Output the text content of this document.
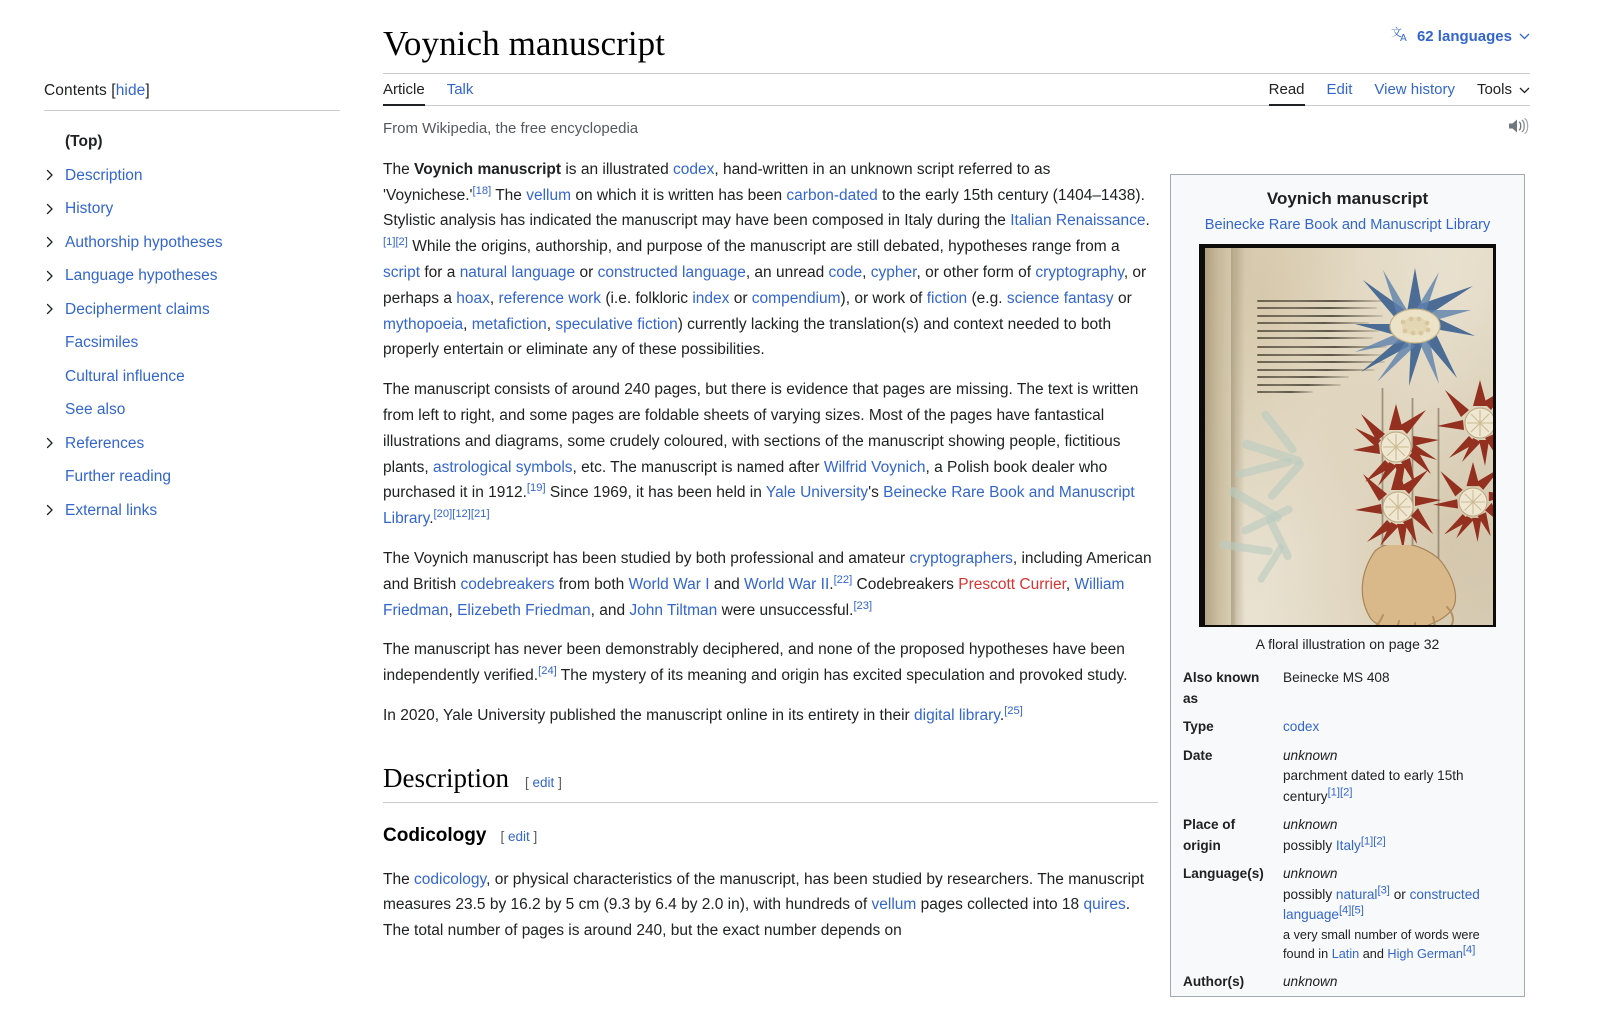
Contents [hide]
(Top)
Description
History
Authorship hypotheses
Language hypotheses
Decipherment claims
Facsimiles
Cultural influence
See also
References
Further reading
External links
Voynich manuscript	文
A 62 languages
Article Talk	Read Edit View history Tools
From Wikipedia, the free encyclopedia

The Voynich manuscript is an illustrated codex, hand-written in an unknown script referred to as 'Voynichese.'[18] The vellum on which it is written has been carbon-dated to the early 15th century (1404–1438). Stylistic analysis has indicated the manuscript may have been composed in Italy during the Italian Renaissance.[1][2] While the origins, authorship, and purpose of the manuscript are still debated, hypotheses range from a script for a natural language or constructed language, an unread code, cypher, or other form of cryptography, or perhaps a hoax, reference work (i.e. folkloric index or compendium), or work of fiction (e.g. science fantasy or mythopoeia, metafiction, speculative fiction) currently lacking the translation(s) and context needed to both properly entertain or eliminate any of these possibilities.

The manuscript consists of around 240 pages, but there is evidence that pages are missing. The text is written from left to right, and some pages are foldable sheets of varying sizes. Most of the pages have fantastical illustrations and diagrams, some crudely coloured, with sections of the manuscript showing people, fictitious plants, astrological symbols, etc. The manuscript is named after Wilfrid Voynich, a Polish book dealer who purchased it in 1912.[19] Since 1969, it has been held in Yale University's Beinecke Rare Book and Manuscript Library.[20][12][21]

The Voynich manuscript has been studied by both professional and amateur cryptographers, including American and British codebreakers from both World War I and World War II.[22] Codebreakers Prescott Currier, William Friedman, Elizebeth Friedman, and John Tiltman were unsuccessful.[23]

The manuscript has never been demonstrably deciphered, and none of the proposed hypotheses have been independently verified.[24] The mystery of its meaning and origin has excited speculation and provoked study.

In 2020, Yale University published the manuscript online in its entirety in their digital library.[25]

Description [ edit ]
Codicology [ edit ]

The codicology, or physical characteristics of the manuscript, has been studied by researchers. The manuscript measures 23.5 by 16.2 by 5 cm (9.3 by 6.4 by 2.0 in), with hundreds of vellum pages collected into 18 quires. The total number of pages is around 240, but the exact number depends on

Voynich manuscript
Beinecke Rare Book and Manuscript Library
A floral illustration on page 32
Also known as	Beinecke MS 408

Type	codex

Date	unknown
parchment dated to early 15th century[1][2]

Place of origin	unknown
possibly Italy[1][2]

Language(s)	unknown
possibly natural[3] or constructed language[4][5]
a very small number of words were found in Latin and High German[4]

Author(s)	unknown
